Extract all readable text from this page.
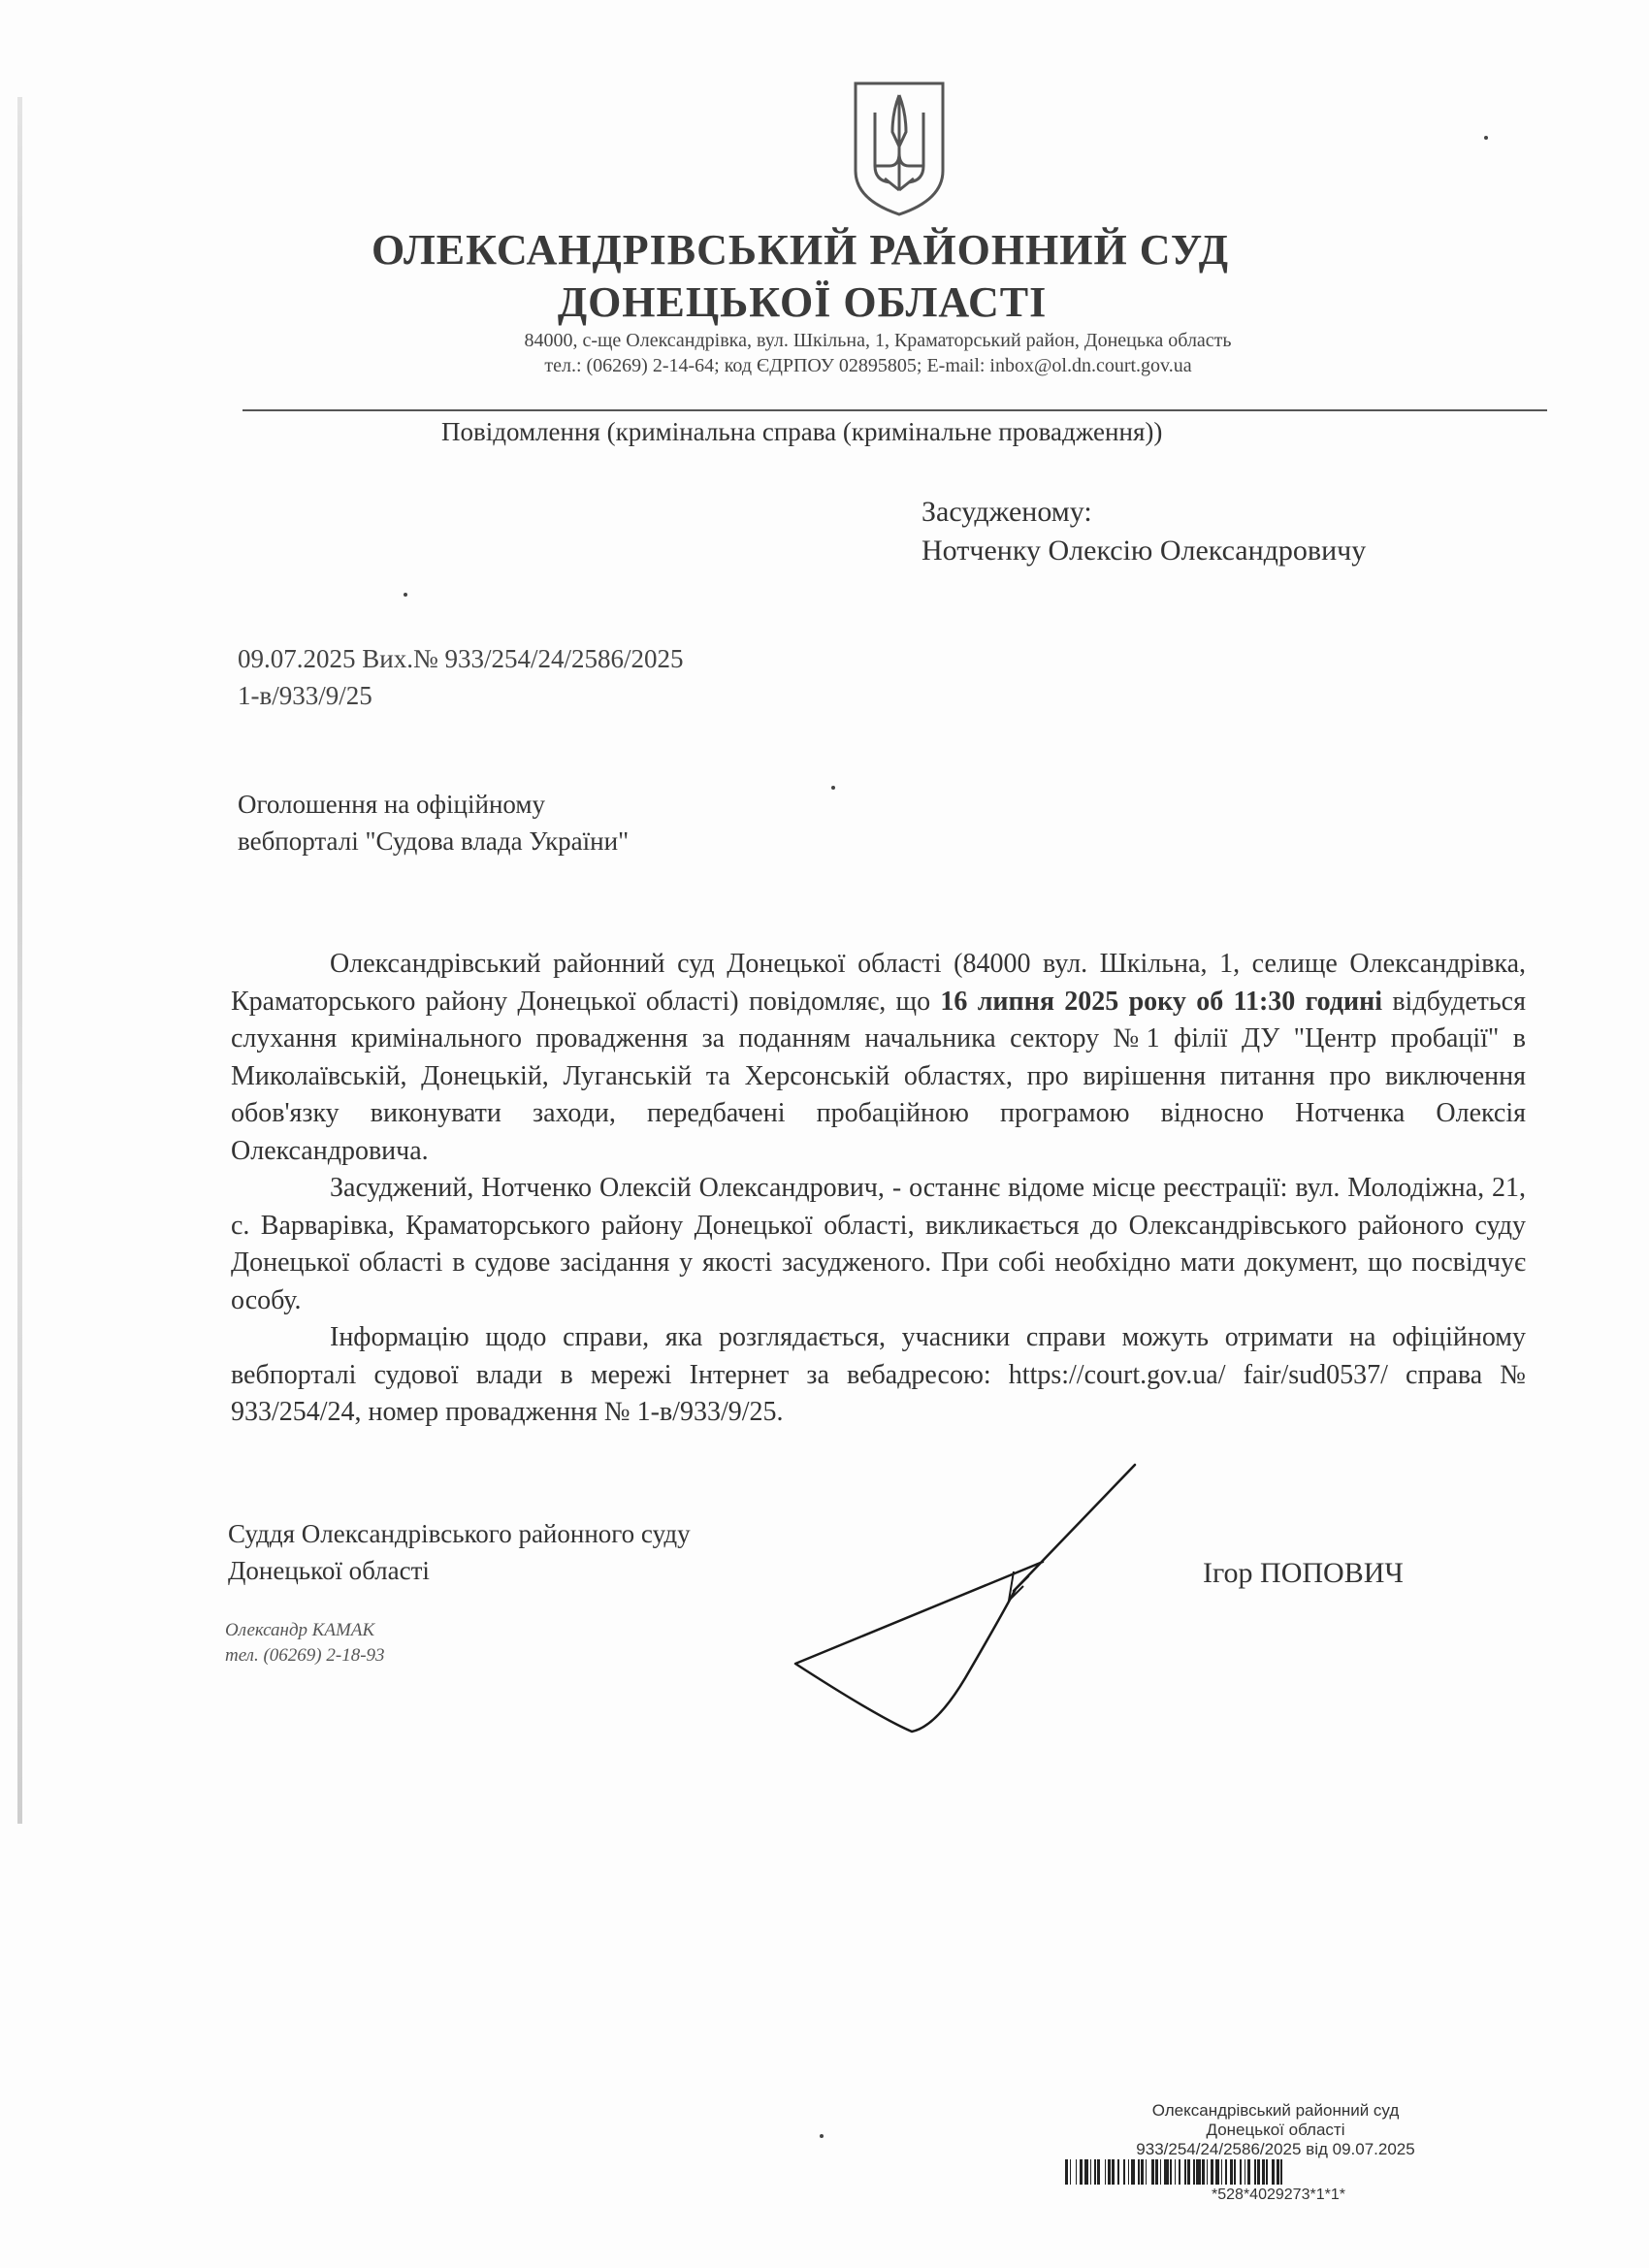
ОЛЕКСАНДРІВСЬКИЙ РАЙОННИЙ СУД
ДОНЕЦЬКОЇ ОБЛАСТІ
84000, с-ще Олександрівка, вул. Шкільна, 1, Краматорський район, Донецька область
тел.: (06269) 2-14-64; код ЄДРПОУ 02895805; E-mail: inbox@ol.dn.court.gov.ua
Повідомлення (кримінальна справа (кримінальне провадження))
Засудженому:
Нотченку Олексію Олександровичу
09.07.2025 Вих.№ 933/254/24/2586/2025
1-в/933/9/25
Оголошення на офіційному
вебпорталі "Судова влада України"

Олександрівський районний суд Донецької області (84000 вул. Шкільна, 1, селище Олександрівка, Краматорського району Донецької області) повідомляє, що 16 липня 2025 року об 11:30 годині відбудеться слухання кримінального провадження за поданням начальника сектору №1 філії ДУ "Центр пробації" в Миколаївській, Донецькій, Луганській та Херсонській областях, про вирішення питання про виключення обов'язку виконувати заходи, передбачені пробаційною програмою відносно Нотченка Олексія Олександровича.

Засуджений, Нотченко Олексій Олександрович, - останнє відоме місце реєстрації: вул. Молодіжна, 21, с. Варварівка, Краматорського району Донецької області, викликається до Олександрівського районого суду Донецької області в судове засідання у якості засудженого. При собі необхідно мати документ, що посвідчує особу.

Інформацію щодо справи, яка розглядається, учасники справи можуть отримати на офіційному вебпорталі судової влади в мережі Інтернет за вебадресою: https://court.gov.ua/ fair/sud0537/ справа № 933/254/24, номер провадження № 1-в/933/9/25.

Суддя Олександрівського районного суду
Донецької області	Ігор ПОПОВИЧ
Олександр КАМАК
тел. (06269) 2-18-93
Олександрівський районний суд
Донецької області
933/254/24/2586/2025 від 09.07.2025
*528*4029273*1*1*
